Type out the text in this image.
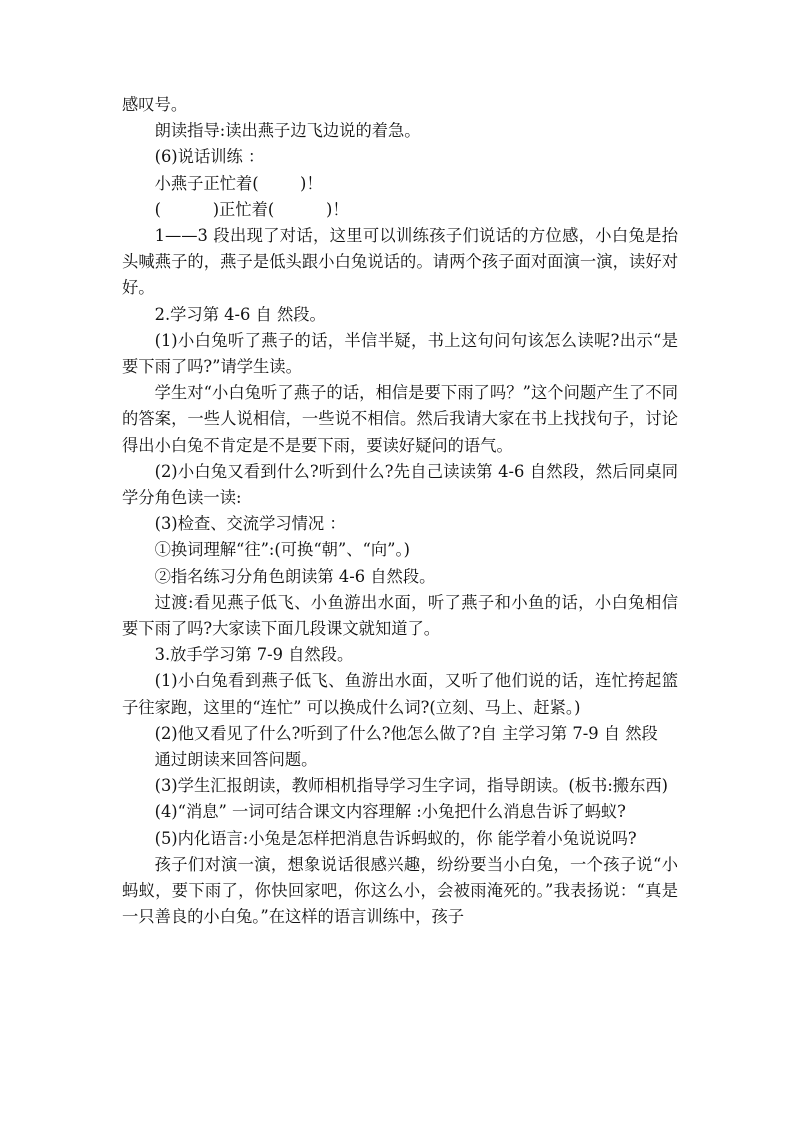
感叹号。

朗读指导:读出燕子边飞边说的着急。

(6)说话训练 ：

小燕子正忙着(        )！

(          )正忙着(          )！

1——3 段出现了对话，这里可以训练孩子们说话的方位感，小白兔是抬头喊燕子的，燕子是低头跟小白兔说话的。请两个孩子面对面演一演，读好对好。

2.学习第 4-6 自 然段。

(1)小白兔听了燕子的话，半信半疑，书上这句问句该怎么读呢?出示“是要下雨了吗?”请学生读。

学生对“小白兔听了燕子的话，相信是要下雨了吗？”这个问题产生了不同的答案，一些人说相信，一些说不相信。然后我请大家在书上找找句子，讨论得出小白兔不肯定是不是要下雨，要读好疑问的语气。

(2)小白兔又看到什么?听到什么?先自己读读第 4-6 自然段，然后同桌同学分角色读一读:

(3)检查、交流学习情况 ：

①换词理解“往”:(可换“朝”、“向”。)

②指名练习分角色朗读第 4-6 自然段。

过渡:看见燕子低飞、小鱼游出水面，听了燕子和小鱼的话，小白兔相信要下雨了吗?大家读下面几段课文就知道了。

3.放手学习第 7-9 自然段。

(1)小白兔看到燕子低飞、鱼游出水面，又听了他们说的话，连忙挎起篮子往家跑，这里的“连忙” 可以换成什么词?(立刻、马上、赶紧。)

(2)他又看见了什么?听到了什么?他怎么做了?自 主学习第 7-9 自 然段

通过朗读来回答问题。

(3)学生汇报朗读，教师相机指导学习生字词，指导朗读。(板书:搬东西)

(4)“消息” 一词可结合课文内容理解 :小兔把什么消息告诉了蚂蚁?

(5)内化语言:小兔是怎样把消息告诉蚂蚁的，你 能学着小兔说说吗?

孩子们对演一演，想象说话很感兴趣，纷纷要当小白兔，一个孩子说“小蚂蚁，要下雨了，你快回家吧，你这么小，会被雨淹死的。”我表扬说：“真是一只善良的小白兔。”在这样的语言训练中，孩子
